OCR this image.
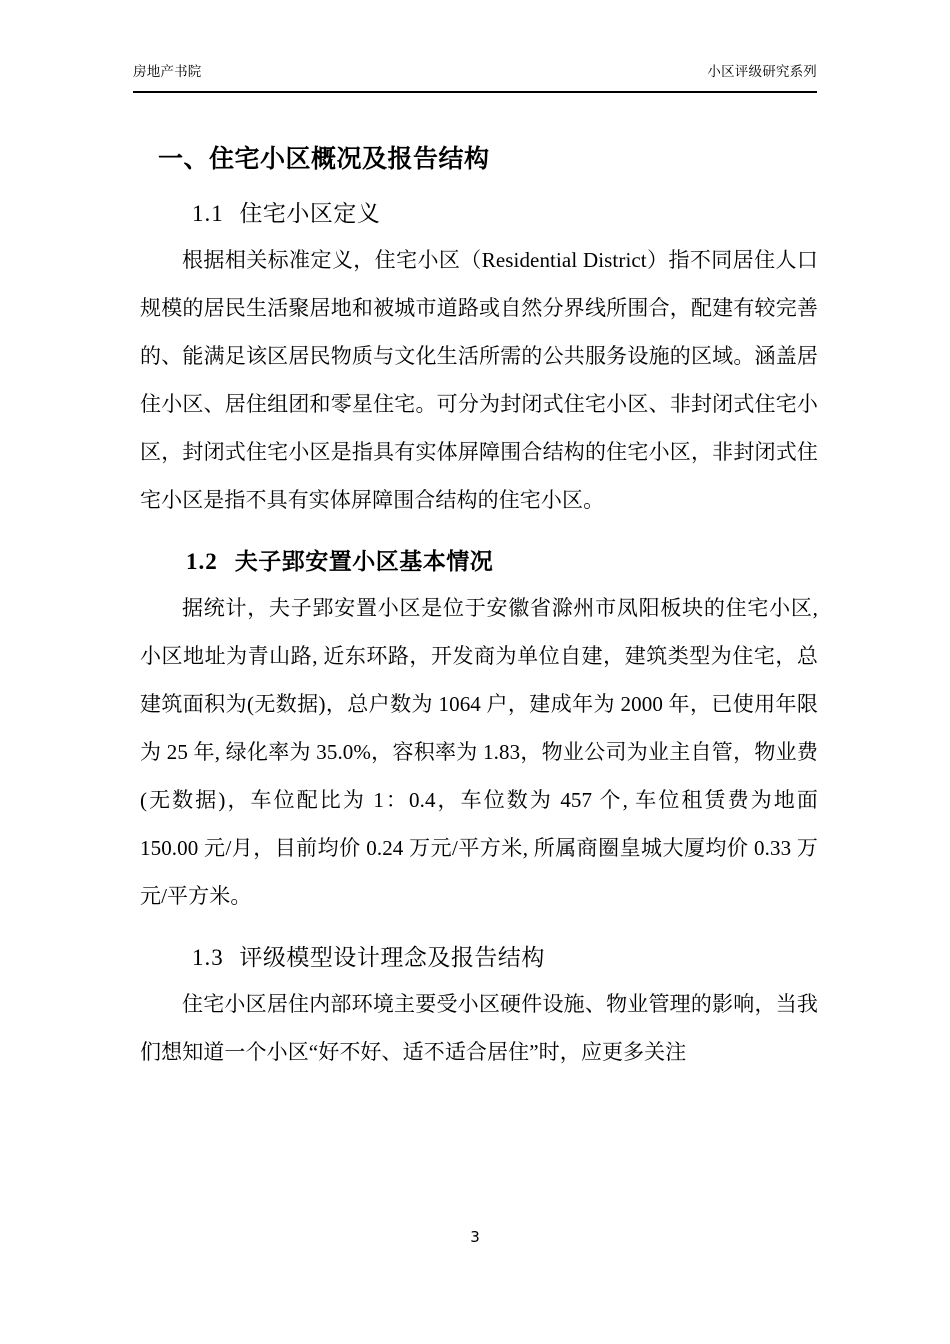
房地产书院	小区评级研究系列
一、住宅小区概况及报告结构
1.1 住宅小区定义

根据相关标准定义，住宅小区（Residential District）指不同居住人口规模的居民生活聚居地和被城市道路或自然分界线所围合，配建有较完善的、能满足该区居民物质与文化生活所需的公共服务设施的区域。涵盖居住小区、居住组团和零星住宅。可分为封闭式住宅小区、非封闭式住宅小区，封闭式住宅小区是指具有实体屏障围合结构的住宅小区，非封闭式住宅小区是指不具有实体屏障围合结构的住宅小区。

1.2 夫子郢安置小区基本情况

据统计，夫子郢安置小区是位于安徽省滁州市凤阳板块的住宅小区, 小区地址为青山路, 近东环路，开发商为单位自建，建筑类型为住宅，总建筑面积为(无数据)，总户数为 1064 户，建成年为 2000 年，已使用年限为 25 年, 绿化率为 35.0%，容积率为 1.83，物业公司为业主自管，物业费(无数据)，车位配比为 1：0.4，车位数为 457 个, 车位租赁费为地面 150.00 元/月，目前均价 0.24 万元/平方米, 所属商圈皇城大厦均价 0.33 万元/平方米。

1.3 评级模型设计理念及报告结构

住宅小区居住内部环境主要受小区硬件设施、物业管理的影响，当我们想知道一个小区“好不好、适不适合居住”时，应更多关注

3
